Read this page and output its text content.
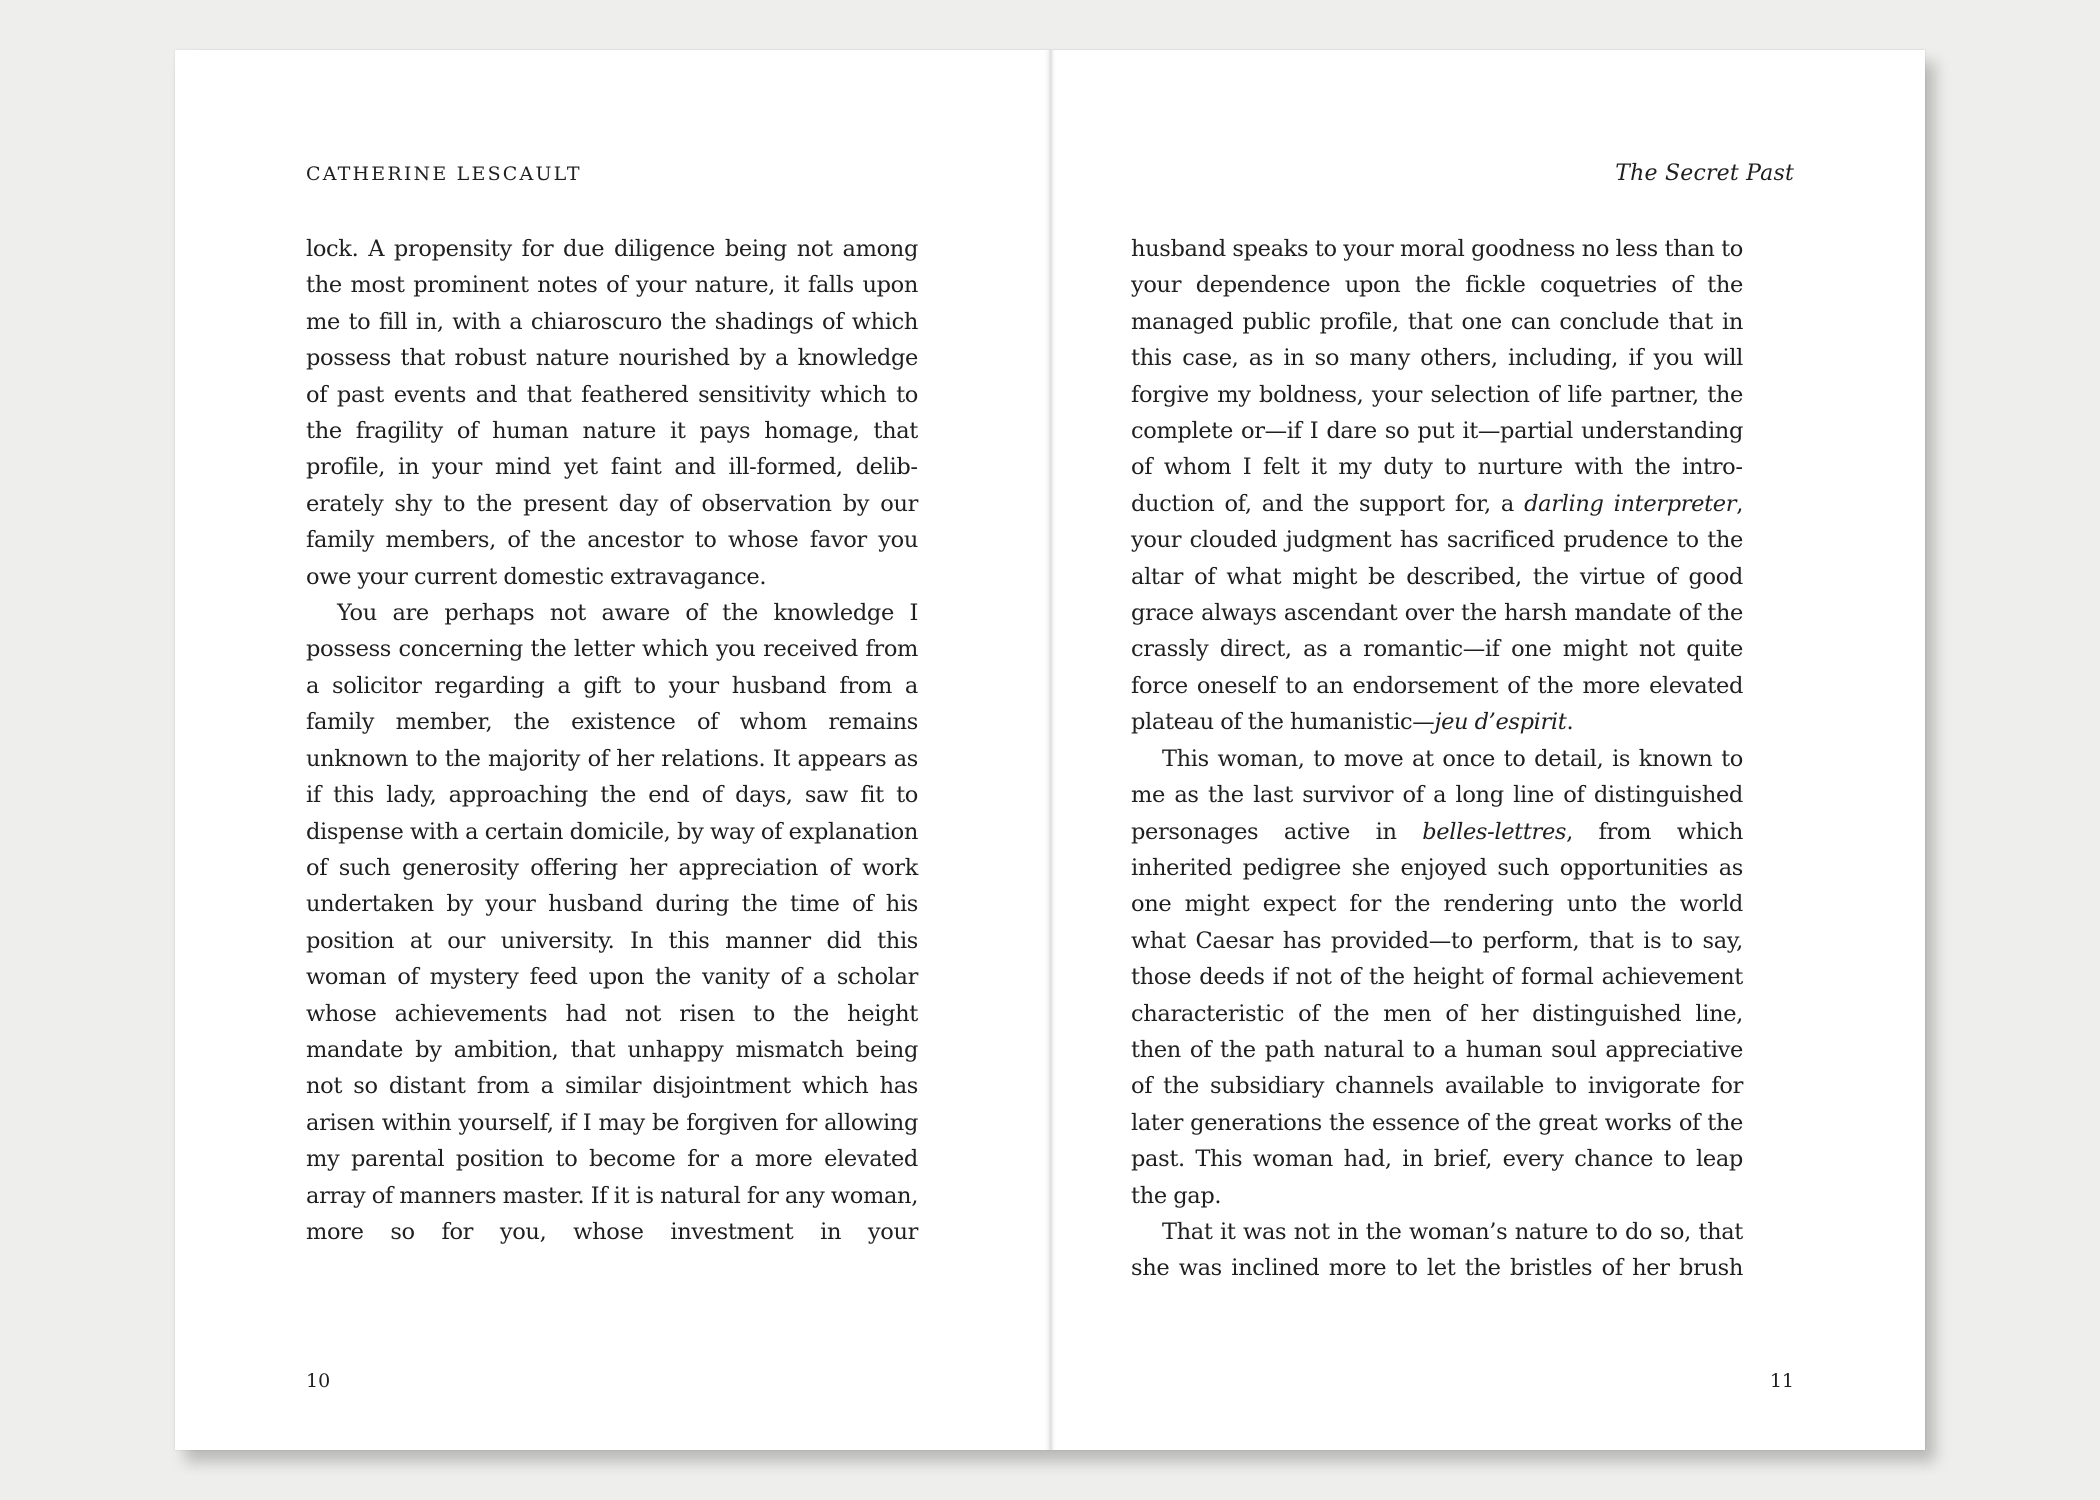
CATHERINE LESCAULT

lock. A propensity for due diligence being not among the most prominent notes of your nature, it falls upon me to fill in, with a chiaroscuro the shadings of which possess that robust nature nourished by a knowledge of past events and that feathered sensitivity which to the fragility of human nature it pays homage, that profile, in your mind yet faint and ill-formed, deliberately shy to the present day of observation by our family members, of the ancestor to whose favor you owe your current domestic extravagance.

You are perhaps not aware of the knowledge I possess concerning the letter which you received from a solicitor regarding a gift to your husband from a family member, the existence of whom remains unknown to the majority of her relations. It appears as if this lady, approaching the end of days, saw fit to dispense with a certain domicile, by way of explanation of such generosity offering her appreciation of work undertaken by your husband during the time of his position at our university. In this manner did this woman of mystery feed upon the vanity of a scholar whose achievements had not risen to the height mandate by ambition, that unhappy mismatch being not so distant from a similar disjointment which has arisen within yourself, if I may be forgiven for allowing my parental position to become for a more elevated array of manners master. If it is natural for any woman, more so for you, whose investment in your

10
The Secret Past

husband speaks to your moral goodness no less than to your dependence upon the fickle coquetries of the managed public profile, that one can conclude that in this case, as in so many others, including, if you will forgive my boldness, your selection of life partner, the complete or—if I dare so put it—partial understanding of whom I felt it my duty to nurture with the introduction of, and the support for, a darling interpreter, your clouded judgment has sacrificed prudence to the altar of what might be described, the virtue of good grace always ascendant over the harsh mandate of the crassly direct, as a romantic—if one might not quite force oneself to an endorsement of the more elevated plateau of the humanistic—jeu d’espirit.

This woman, to move at once to detail, is known to me as the last survivor of a long line of distinguished personages active in belles-lettres, from which inherited pedigree she enjoyed such opportunities as one might expect for the rendering unto the world what Caesar has provided—to perform, that is to say, those deeds if not of the height of formal achievement characteristic of the men of her distinguished line, then of the path natural to a human soul appreciative of the subsidiary channels available to invigorate for later generations the essence of the great works of the past. This woman had, in brief, every chance to leap the gap.

That it was not in the woman’s nature to do so, that she was inclined more to let the bristles of her brush

11
